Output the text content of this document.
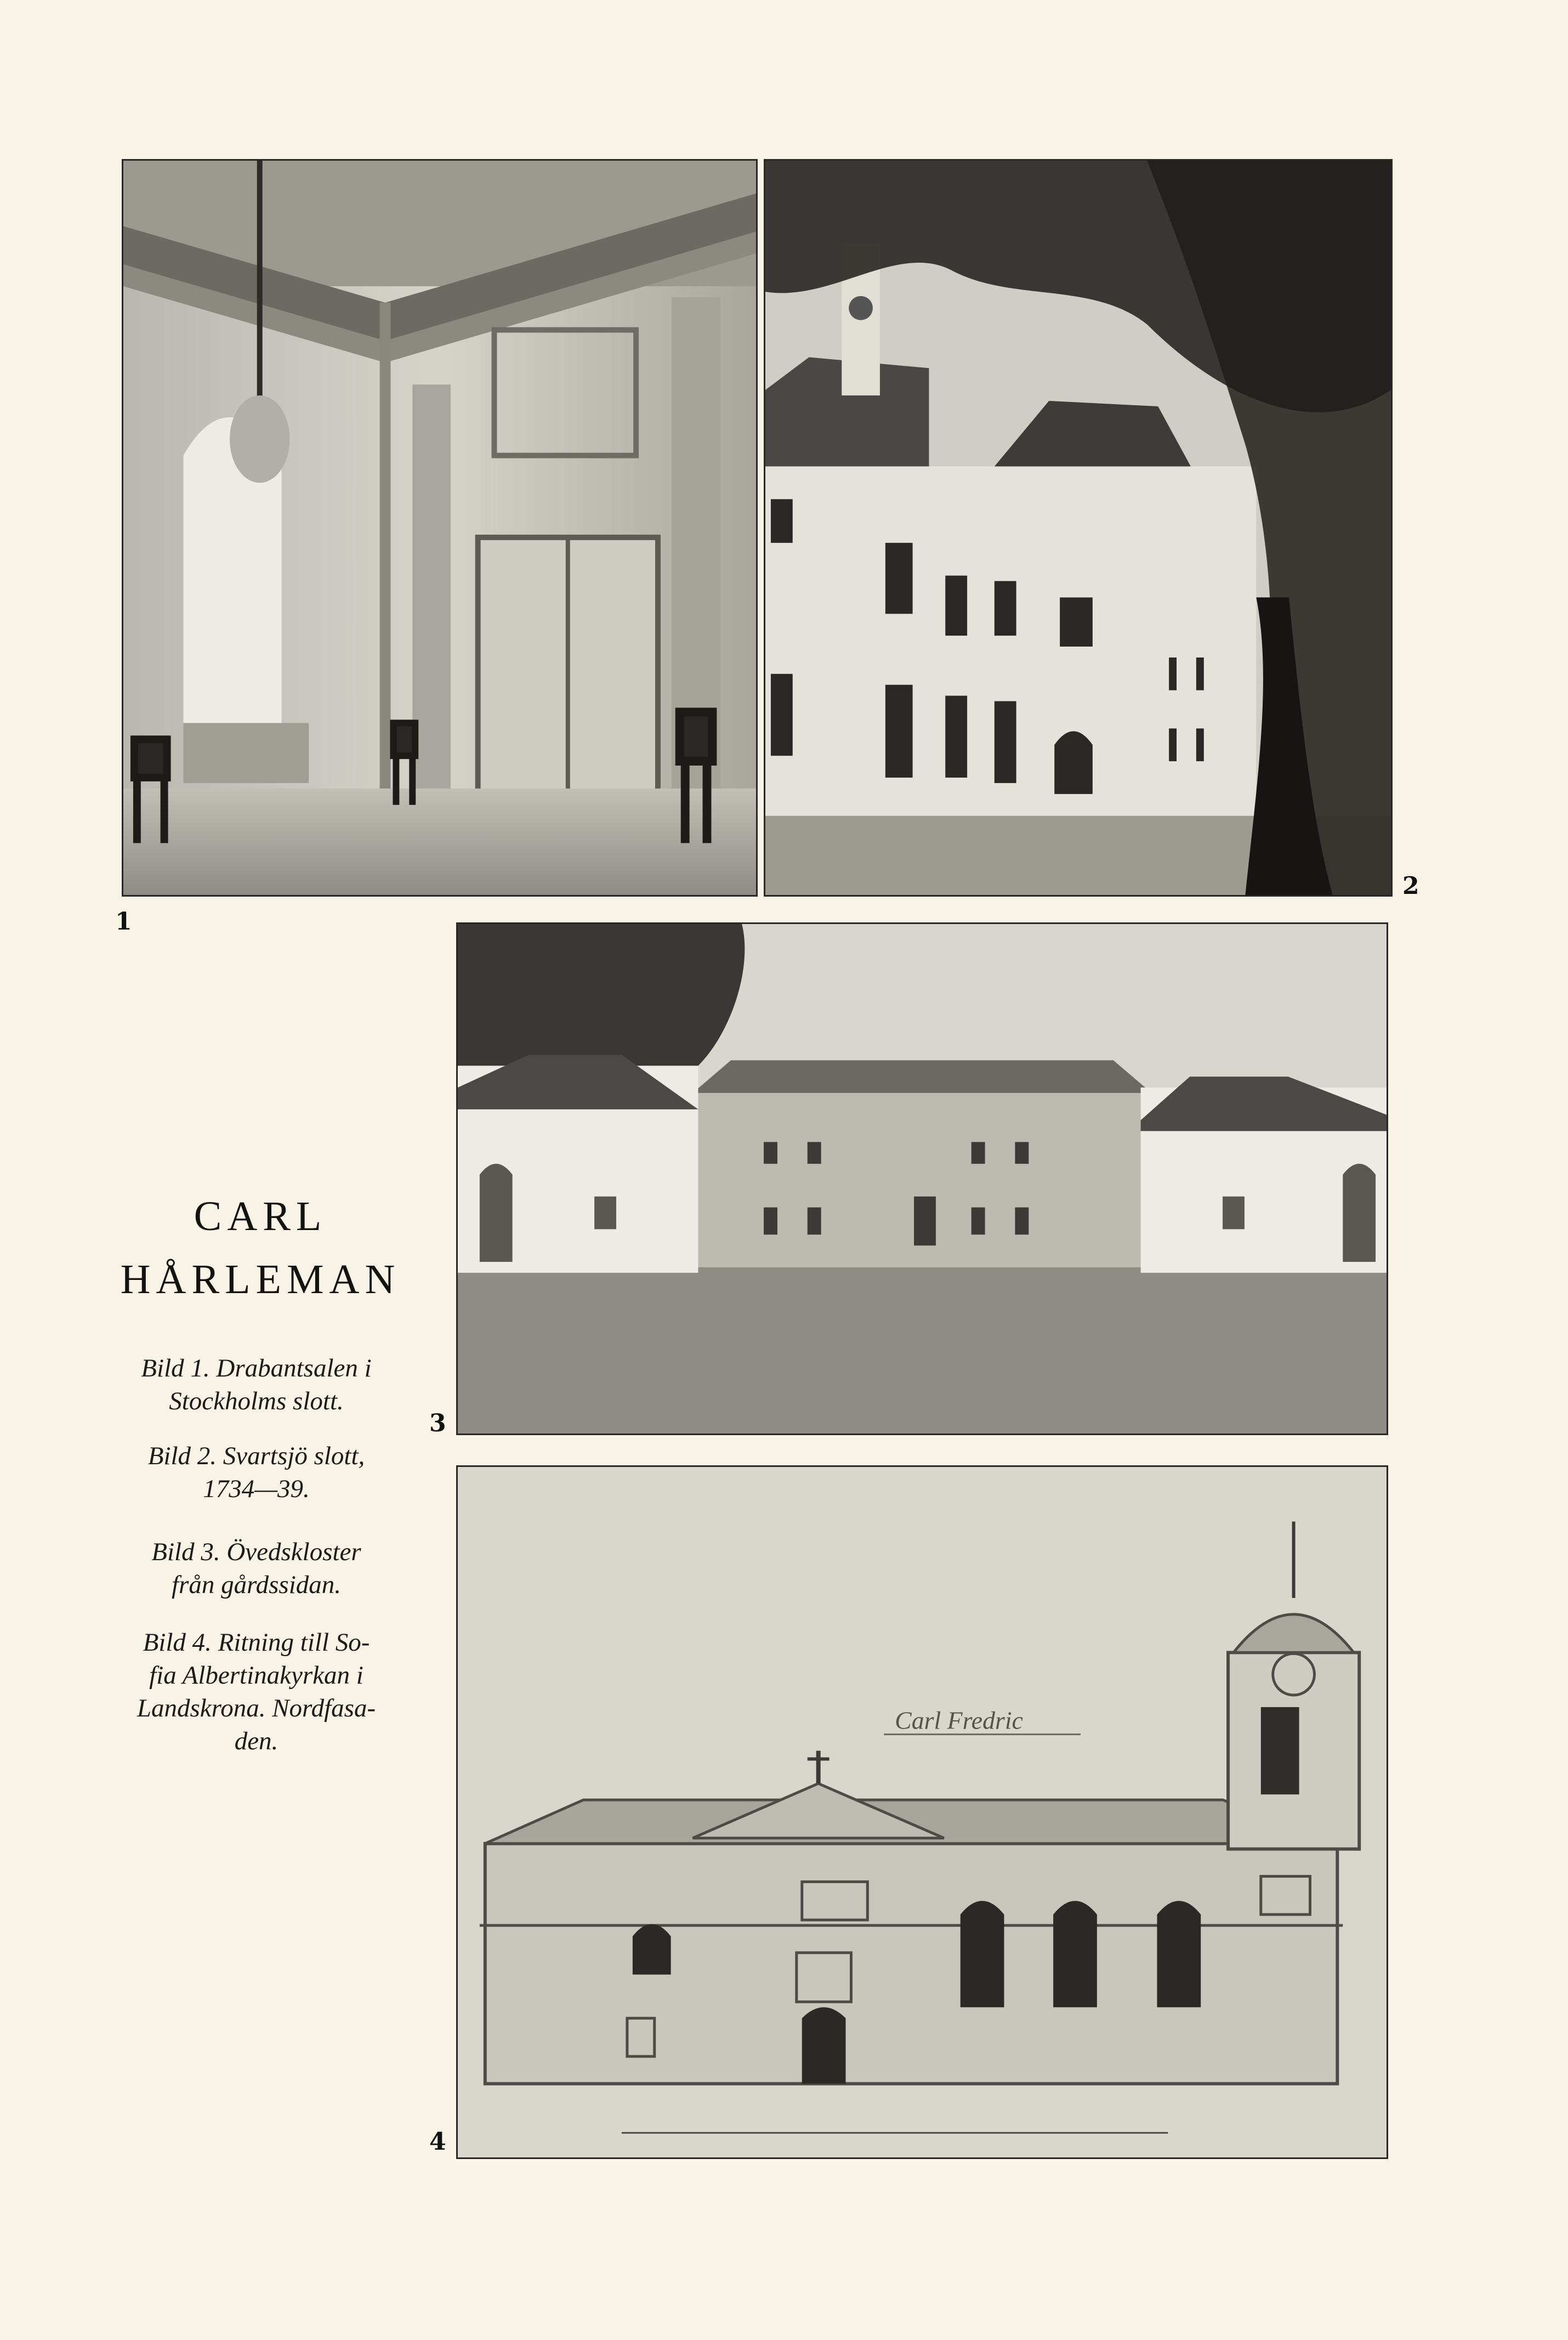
1
2
3
Carl Fredric
4
CARL
HÅRLEMAN
Bild 1. Drabantsalen i
Stockholms slott.
Bild 2. Svartsjö slott,
1734—39.
Bild 3. Övedskloster
från gårdssidan.
Bild 4. Ritning till So-
fia Albertinakyrkan i
Landskrona. Nordfasa-
den.
